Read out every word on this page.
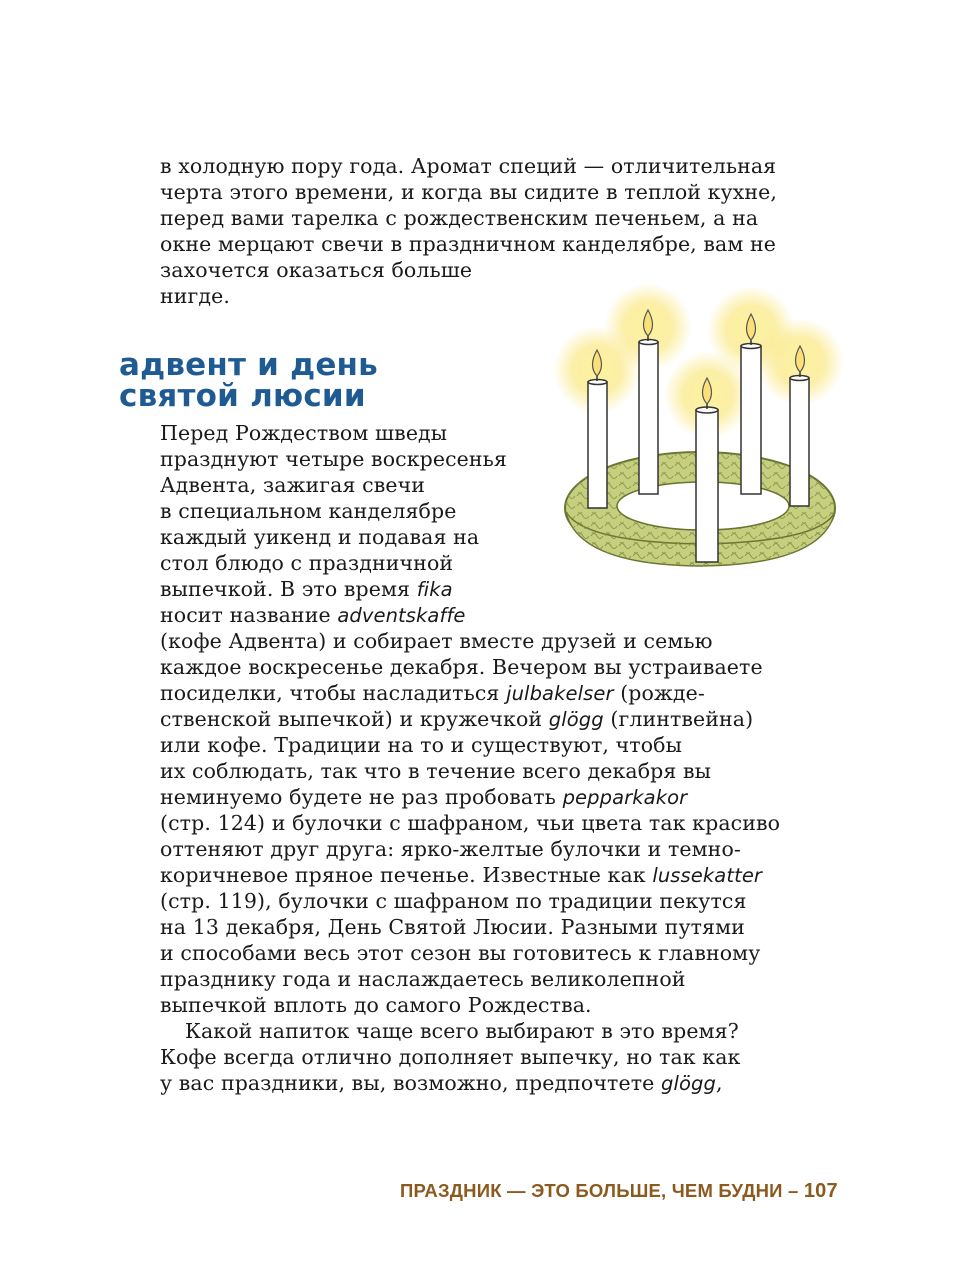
в холодную пору года. Аромат специй — отличительная
черта этого времени, и когда вы сидите в теплой кухне,
перед вами тарелка с рождественским печеньем, а на
окне мерцают свечи в праздничном канделябре, вам не
захочется оказаться больше
нигде.
адвент и день
святой люсии
Перед Рождеством шведы
празднуют четыре воскресенья
Адвента, зажигая свечи
в специальном канделябре
каждый уикенд и подавая на
стол блюдо с праздничной
выпечкой. В это время fika
носит название adventskaffe
(кофе Адвента) и собирает вместе друзей и семью
каждое воскресенье декабря. Вечером вы устраиваете
посиделки, чтобы насладиться julbakelser (рожде-
ственской выпечкой) и кружечкой glögg (глинтвейна)
или кофе. Традиции на то и существуют, чтобы
их соблюдать, так что в течение всего декабря вы
неминуемо будете не раз пробовать pepparkakor
(стр. 124) и булочки с шафраном, чьи цвета так красиво
оттеняют друг друга: ярко-желтые булочки и темно-
коричневое пряное печенье. Известные как lussekatter
(стр. 119), булочки с шафраном по традиции пекутся
на 13 декабря, День Святой Люсии. Разными путями
и способами весь этот сезон вы готовитесь к главному
празднику года и наслаждаетесь великолепной
выпечкой вплоть до самого Рождества.
Какой напиток чаще всего выбирают в это время?
Кофе всегда отлично дополняет выпечку, но так как
у вас праздники, вы, возможно, предпочтете glögg,
ПРАЗДНИК — ЭТО БОЛЬШЕ, ЧЕМ БУДНИ – 107
